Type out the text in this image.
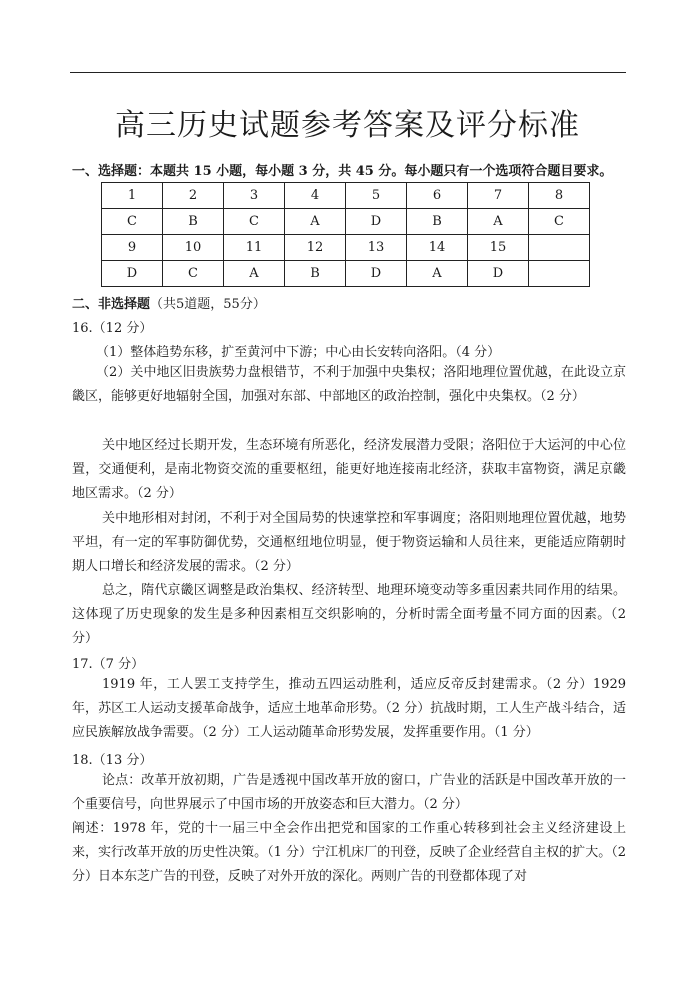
高三历史试题参考答案及评分标准
一、选择题：本题共 15 小题，每小题 3 分，共 45 分。每小题只有一个选项符合题目要求。
1	2	3	4	5	6	7	8
C	B	C	A	D	B	A	C
9	10	11	12	13	14	15	
D	C	A	B	D	A	D	
二、非选择题（共5道题，55分）
16.（12 分）
（1）整体趋势东移，扩至黄河中下游；中心由长安转向洛阳。（4 分）
（2）关中地区旧贵族势力盘根错节，不利于加强中央集权；洛阳地理位置优越，在此设立京畿区，能够更好地辐射全国，加强对东部、中部地区的政治控制，强化中央集权。（2 分）
关中地区经过长期开发，生态环境有所恶化，经济发展潜力受限；洛阳位于大运河的中心位置，交通便利，是南北物资交流的重要枢纽，能更好地连接南北经济，获取丰富物资，满足京畿地区需求。（2 分）
关中地形相对封闭，不利于对全国局势的快速掌控和军事调度；洛阳则地理位置优越，地势平坦，有一定的军事防御优势，交通枢纽地位明显，便于物资运输和人员往来，更能适应隋朝时期人口增长和经济发展的需求。（2 分）
总之，隋代京畿区调整是政治集权、经济转型、地理环境变动等多重因素共同作用的结果。这体现了历史现象的发生是多种因素相互交织影响的，分析时需全面考量不同方面的因素。（2 分）
17.（7 分）
1919 年，工人罢工支持学生，推动五四运动胜利，适应反帝反封建需求。（2 分）1929 年，苏区工人运动支援革命战争，适应土地革命形势。（2 分）抗战时期，工人生产战斗结合，适应民族解放战争需要。（2 分）工人运动随革命形势发展，发挥重要作用。（1 分）
18.（13 分）
论点：改革开放初期，广告是透视中国改革开放的窗口，广告业的活跃是中国改革开放的一个重要信号，向世界展示了中国市场的开放姿态和巨大潜力。（2 分）
阐述：1978 年，党的十一届三中全会作出把党和国家的工作重心转移到社会主义经济建设上来，实行改革开放的历史性决策。（1 分）宁江机床厂的刊登，反映了企业经营自主权的扩大。（2 分）日本东芝广告的刊登，反映了对外开放的深化。两则广告的刊登都体现了对
